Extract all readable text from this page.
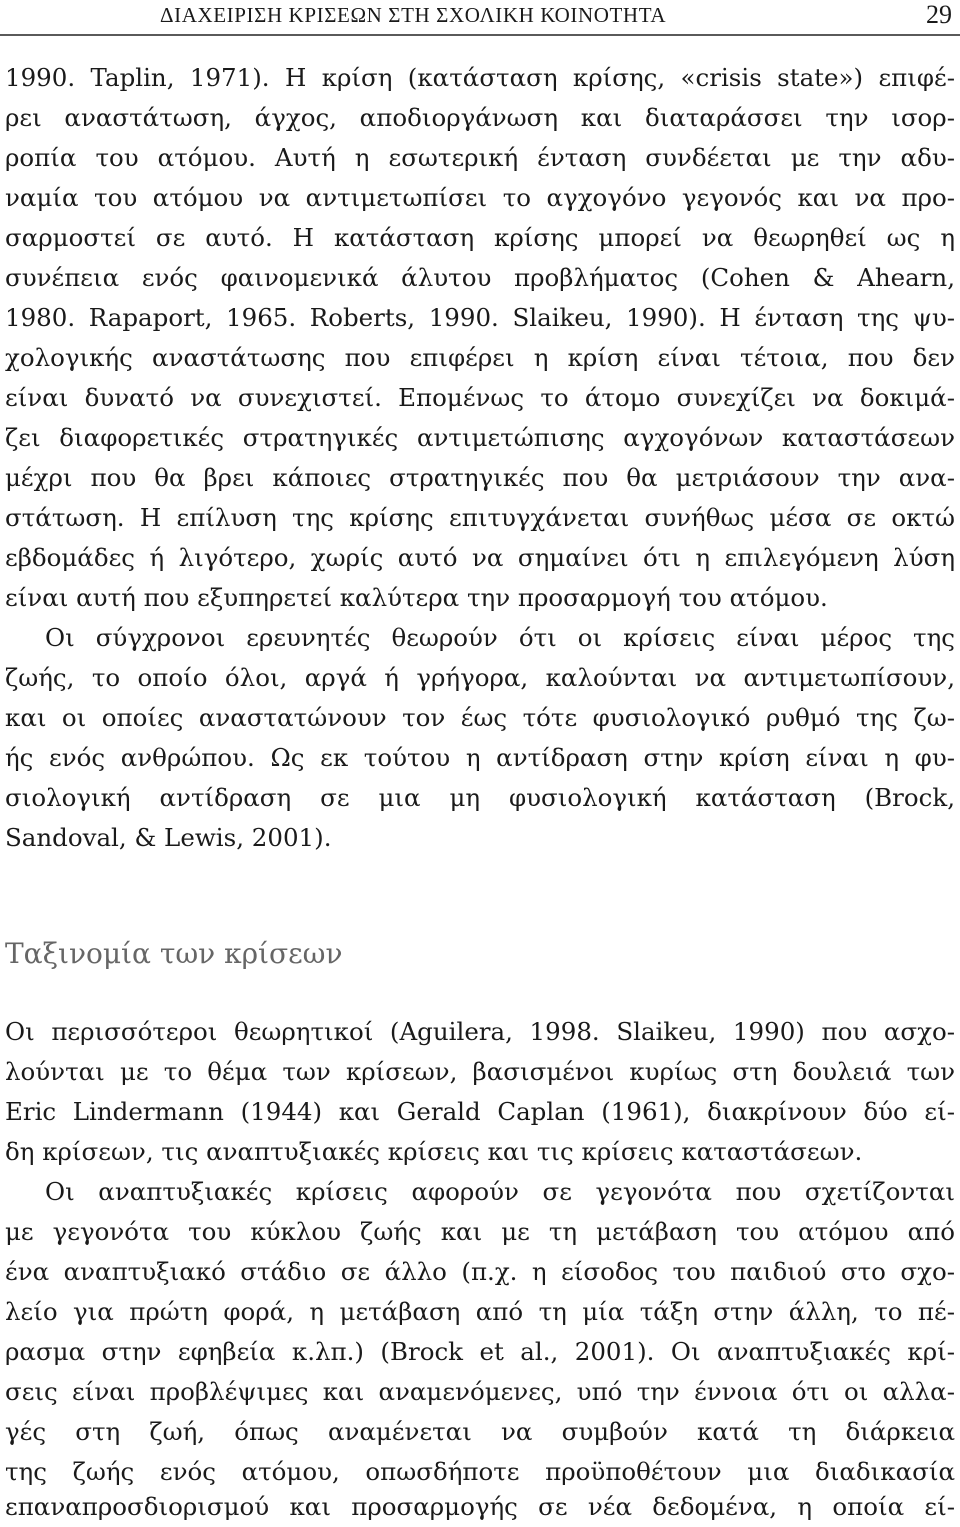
ΔΙΑΧΕΙΡΙΣΗ ΚΡΙΣΕΩΝ ΣΤΗ ΣΧΟΛΙΚΗ ΚΟΙΝΟΤΗΤΑ	29
1990. Taplin, 1971). Η κρίση (κατάσταση κρίσης, «crisis state») επιφέ-
ρει αναστάτωση, άγχος, αποδιοργάνωση και διαταράσσει την ισορ-
ροπία του ατόμου. Αυτή η εσωτερική ένταση συνδέεται με την αδυ-
ναμία του ατόμου να αντιμετωπίσει το αγχογόνο γεγονός και να προ-
σαρμοστεί σε αυτό. Η κατάσταση κρίσης μπορεί να θεωρηθεί ως η
συνέπεια ενός φαινομενικά άλυτου προβλήματος (Cohen & Ahearn,
1980. Rapaport, 1965. Roberts, 1990. Slaikeu, 1990). Η ένταση της ψυ-
χολογικής αναστάτωσης που επιφέρει η κρίση είναι τέτοια, που δεν
είναι δυνατό να συνεχιστεί. Επομένως το άτομο συνεχίζει να δοκιμά-
ζει διαφορετικές στρατηγικές αντιμετώπισης αγχογόνων καταστάσεων
μέχρι που θα βρει κάποιες στρατηγικές που θα μετριάσουν την ανα-
στάτωση. Η επίλυση της κρίσης επιτυγχάνεται συνήθως μέσα σε οκτώ
εβδομάδες ή λιγότερο, χωρίς αυτό να σημαίνει ότι η επιλεγόμενη λύση
είναι αυτή που εξυπηρετεί καλύτερα την προσαρμογή του ατόμου.
Οι σύγχρονοι ερευνητές θεωρούν ότι οι κρίσεις είναι μέρος της
ζωής, το οποίο όλοι, αργά ή γρήγορα, καλούνται να αντιμετωπίσουν,
και οι οποίες αναστατώνουν τον έως τότε φυσιολογικό ρυθμό της ζω-
ής ενός ανθρώπου. Ως εκ τούτου η αντίδραση στην κρίση είναι η φυ-
σιολογική αντίδραση σε μια μη φυσιολογική κατάσταση (Brock,
Sandoval, & Lewis, 2001).
Ταξινομία των κρίσεων
Οι περισσότεροι θεωρητικοί (Aguilera, 1998. Slaikeu, 1990) που ασχο-
λούνται με το θέμα των κρίσεων, βασισμένοι κυρίως στη δουλειά των
Eric Lindermann (1944) και Gerald Caplan (1961), διακρίνουν δύο εί-
δη κρίσεων, τις αναπτυξιακές κρίσεις και τις κρίσεις καταστάσεων.
Οι αναπτυξιακές κρίσεις αφορούν σε γεγονότα που σχετίζονται
με γεγονότα του κύκλου ζωής και με τη μετάβαση του ατόμου από
ένα αναπτυξιακό στάδιο σε άλλο (π.χ. η είσοδος του παιδιού στο σχο-
λείο για πρώτη φορά, η μετάβαση από τη μία τάξη στην άλλη, το πέ-
ρασμα στην εφηβεία κ.λπ.) (Brock et al., 2001). Οι αναπτυξιακές κρί-
σεις είναι προβλέψιμες και αναμενόμενες, υπό την έννοια ότι οι αλλα-
γές στη ζωή, όπως αναμένεται να συμβούν κατά τη διάρκεια
της ζωής ενός ατόμου, οπωσδήποτε προϋποθέτουν μια διαδικασία
επαναπροσδιορισμού και προσαρμογής σε νέα δεδομένα, η οποία εί-
